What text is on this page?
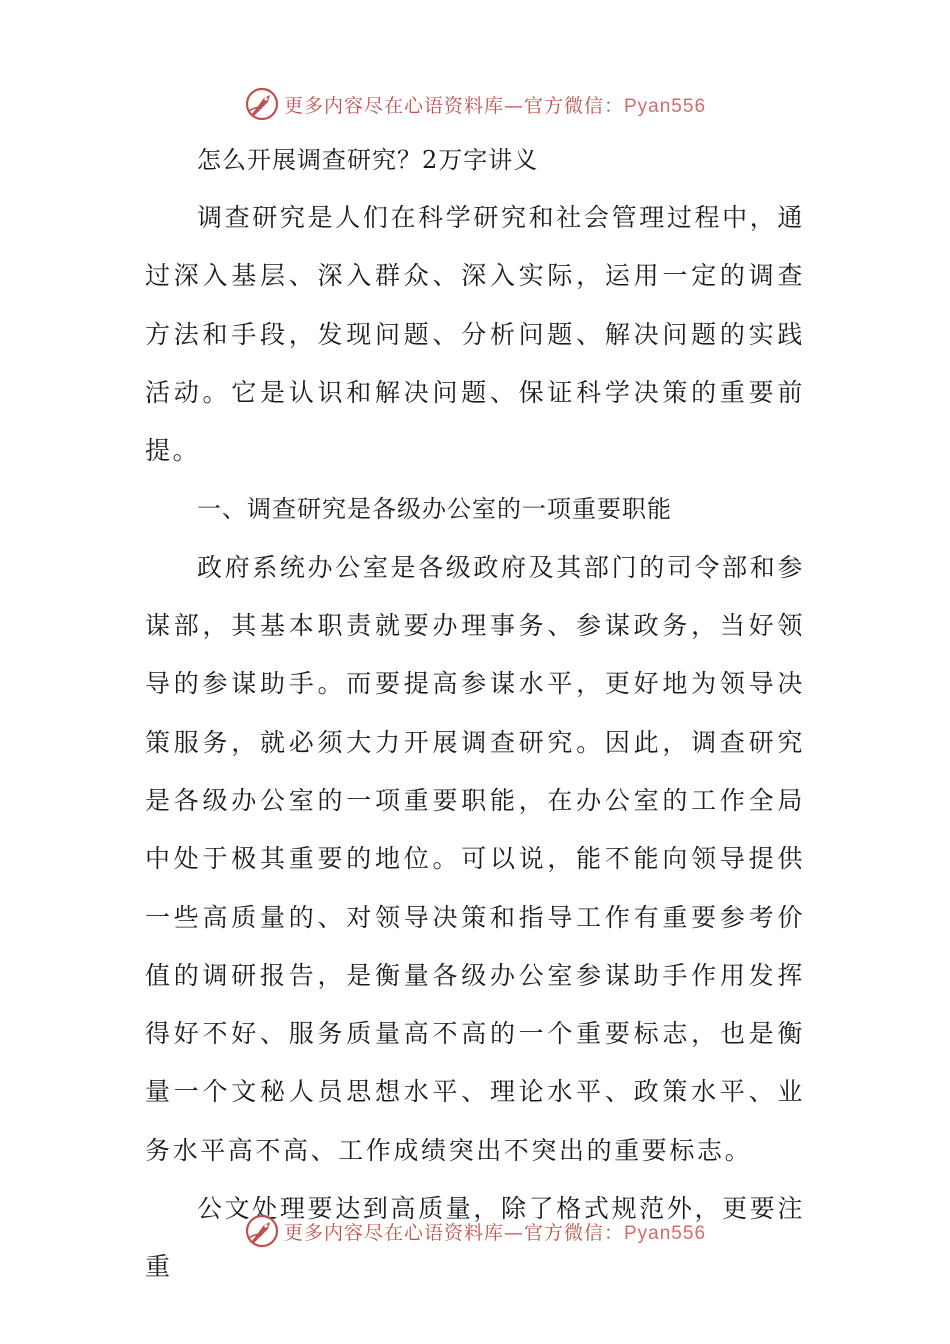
更多内容尽在心语资料库—官方微信：Pyan556
怎么开展调查研究？2万字讲义

调查研究是人们在科学研究和社会管理过程中，通过深入基层、深入群众、深入实际，运用一定的调查方法和手段，发现问题、分析问题、解决问题的实践活动。它是认识和解决问题、保证科学决策的重要前提。

一、调查研究是各级办公室的一项重要职能

政府系统办公室是各级政府及其部门的司令部和参谋部，其基本职责就要办理事务、参谋政务，当好领导的参谋助手。而要提高参谋水平，更好地为领导决策服务，就必须大力开展调查研究。因此，调查研究是各级办公室的一项重要职能，在办公室的工作全局中处于极其重要的地位。可以说，能不能向领导提供一些高质量的、对领导决策和指导工作有重要参考价值的调研报告，是衡量各级办公室参谋助手作用发挥得好不好、服务质量高不高的一个重要标志，也是衡量一个文秘人员思想水平、理论水平、政策水平、业务水平高不高、工作成绩突出不突出的重要标志。

公文处理要达到高质量，除了格式规范外，更要注重

更多内容尽在心语资料库—官方微信：Pyan556
